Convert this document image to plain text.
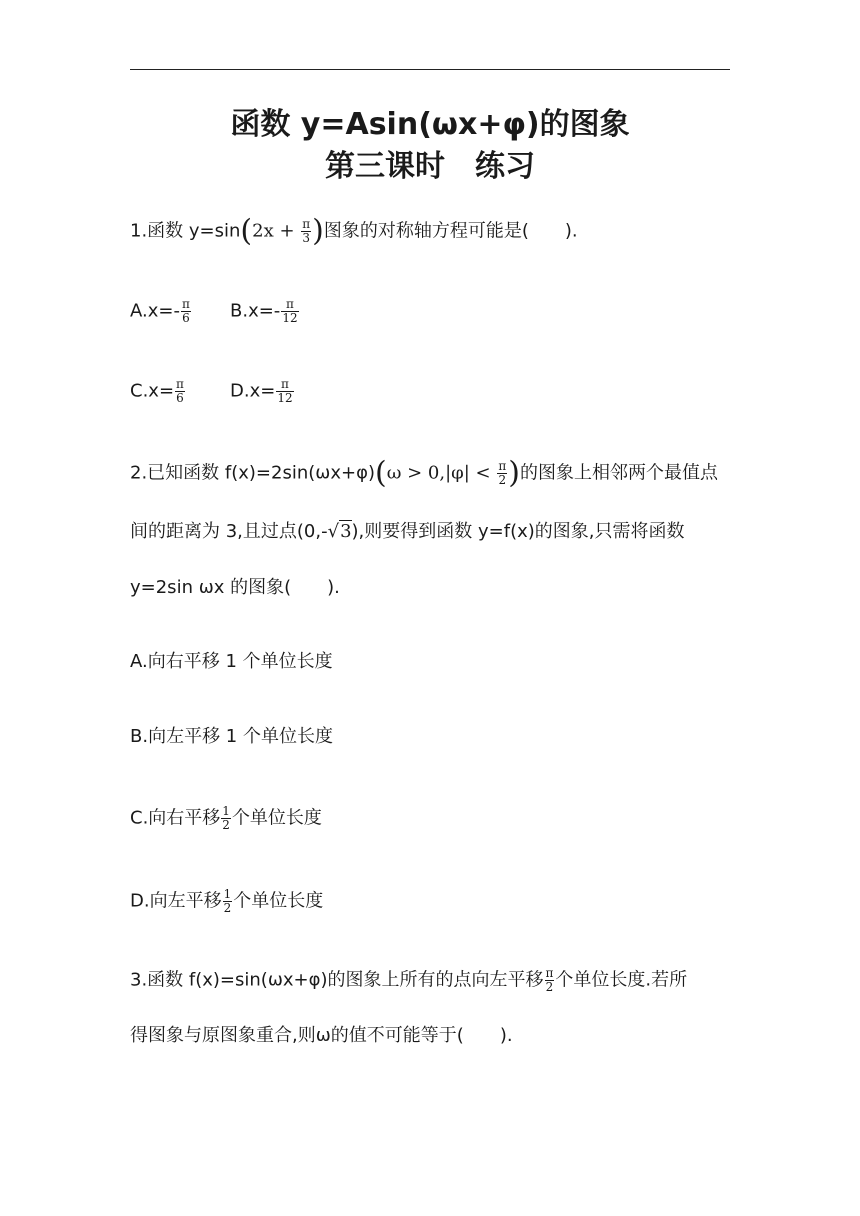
函数 y=Asin(ωx+φ)的图象
第三课时　练习
1.函数 $y=\sin(2x + \frac{\pi}{3}$ )图象的对称轴方程可能是(　　).
$A.x=- \frac{\pi}{6} B.x=- \frac{\pi}{12}$
$C.x= \frac{\pi}{6}$	$D.x= \frac{\pi}{12}$
2.已知函数 $f(x)=2\sin(\omega x+\varphi)(\omega > 0,|\varphi| < \frac{\pi}{2}$ )的图象上相邻两个最值点
间的距离为 3,且过点(0,-√3),则要得到函数 y=f(x)的图象,只需将函数
y=2sin ωx 的图象(　　).
A.向右平移 1 个单位长度
B.向左平移 1 个单位长度
C.向右平移 $\frac{1}{2}$ 个单位长度
D.向左平移 $\frac{1}{2}$ 个单位长度
3.函数 f(x)=sin(ωx+φ)的图象上所有的点向左平移 $\frac{\pi}{2}$ 个单位长度.若所
得图象与原图象重合,则ω的值不可能等于(　　).
